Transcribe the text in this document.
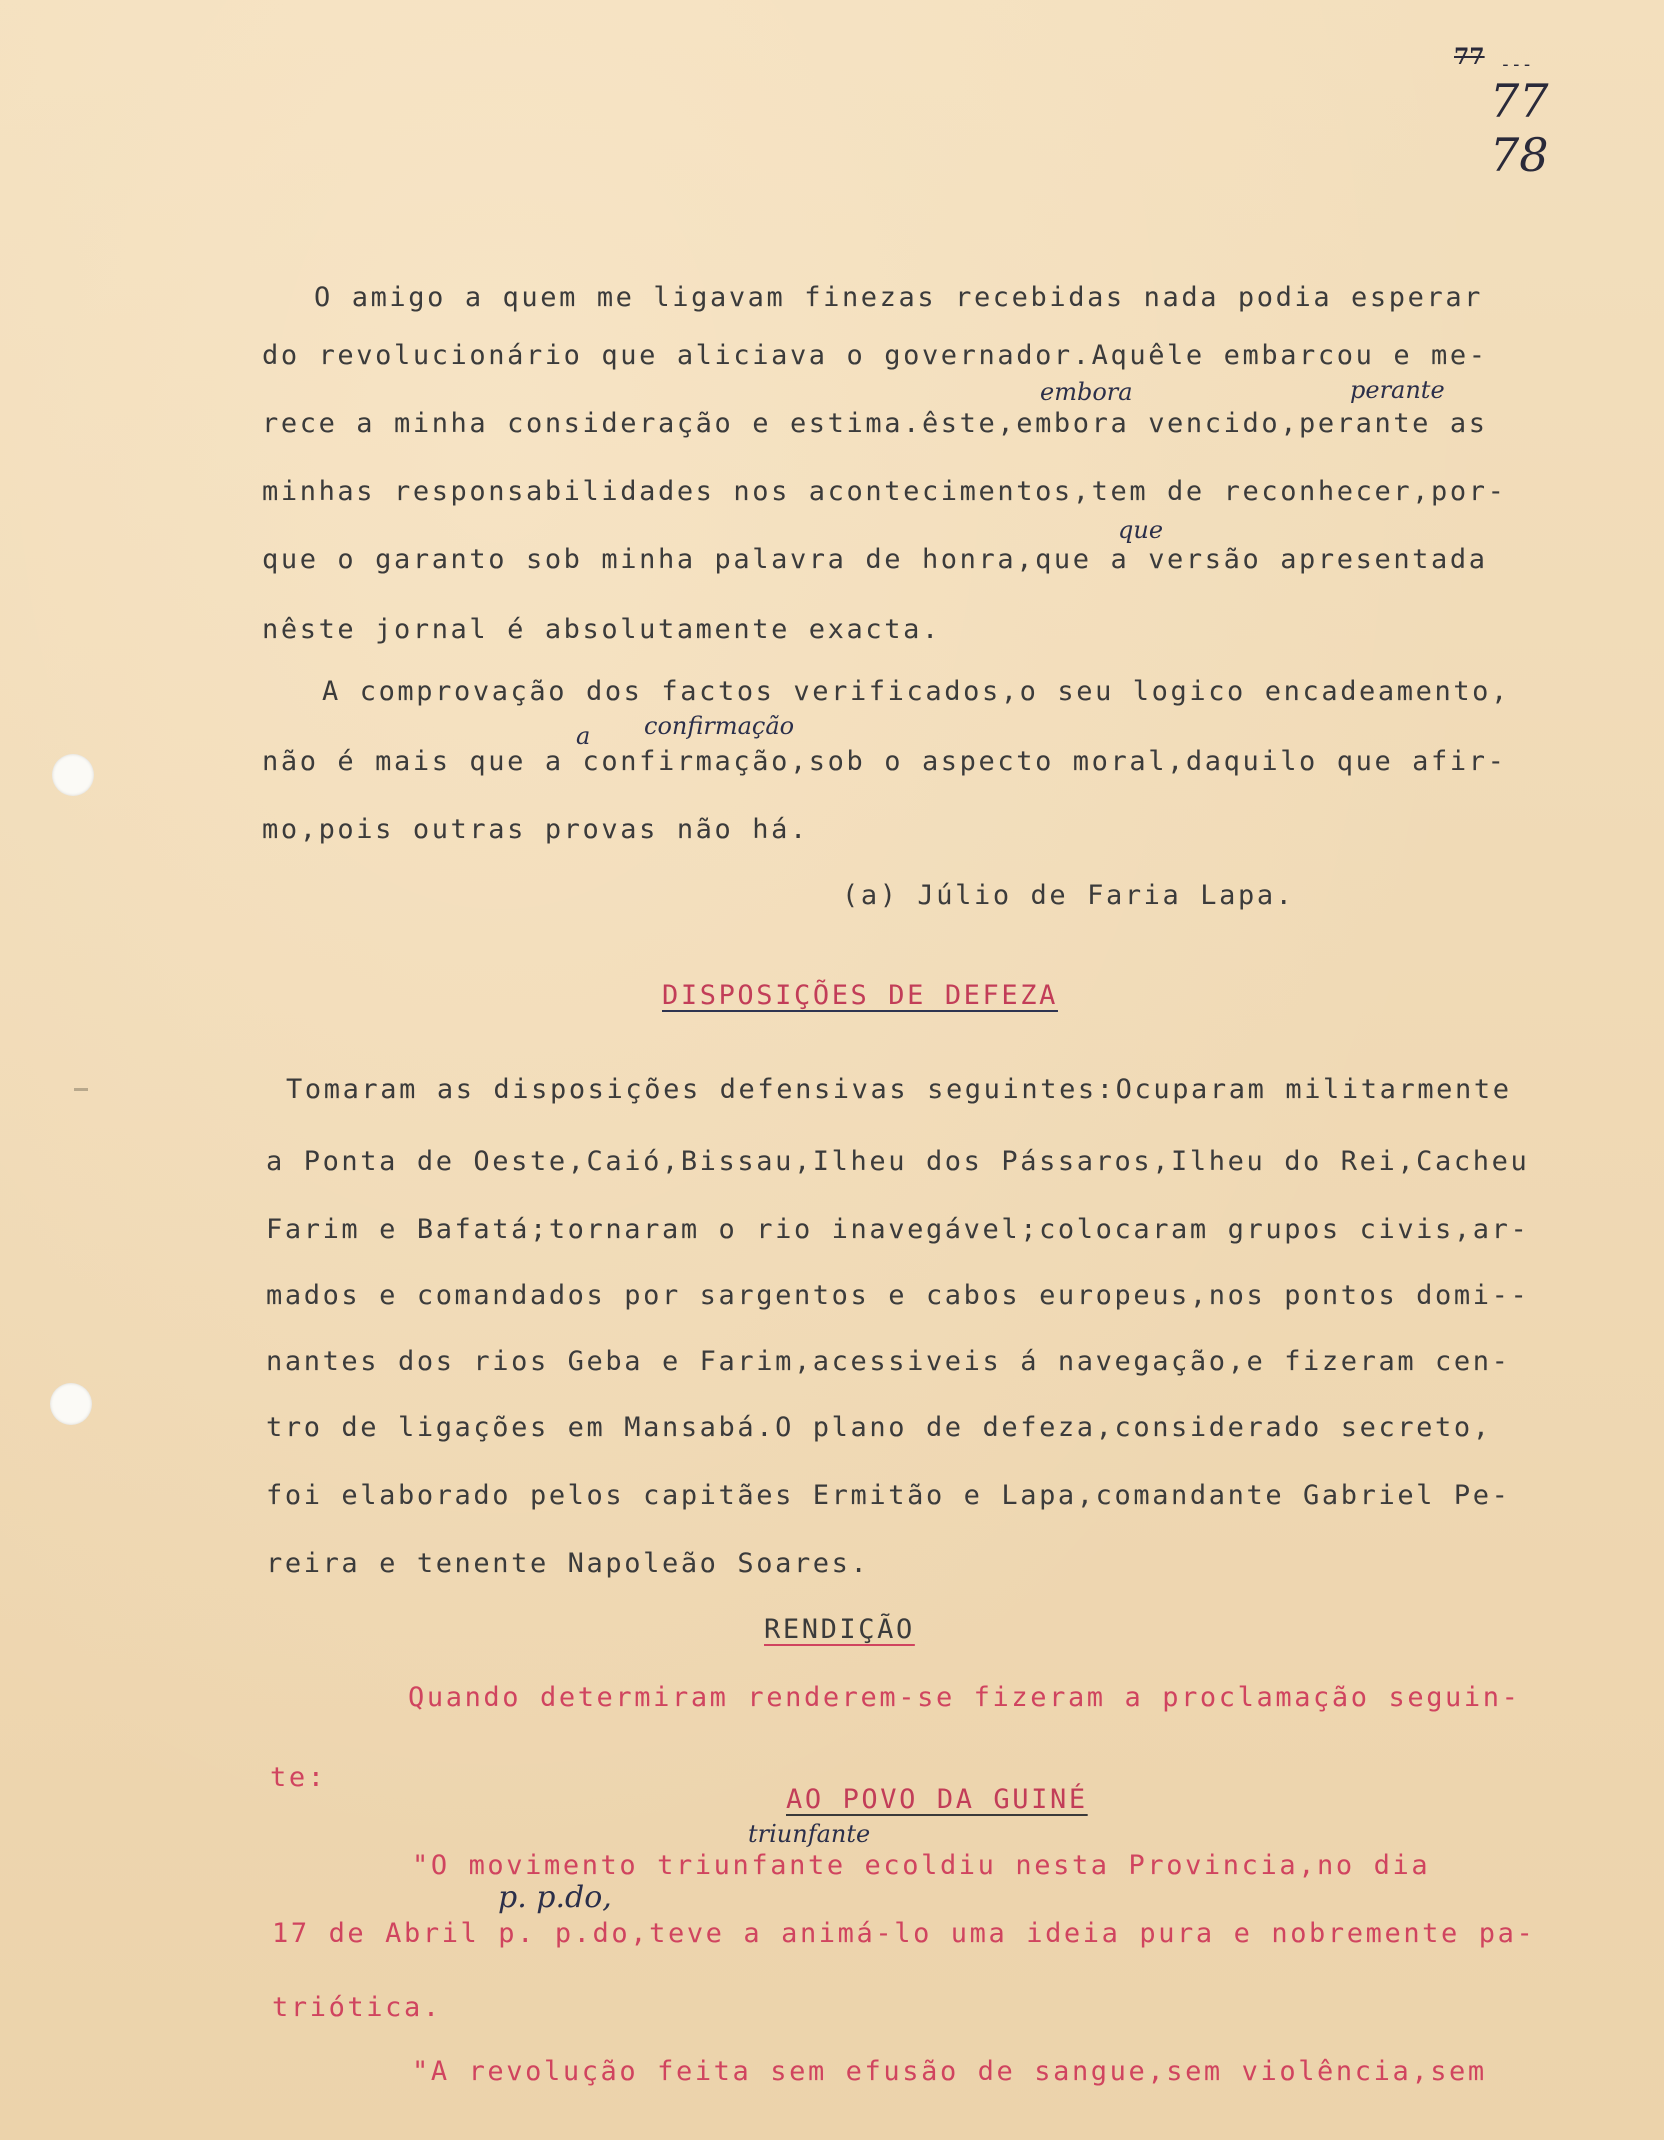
77 ---
77 78
O amigo a quem me ligavam finezas recebidas nada podia esperar
do revolucionário que aliciava o governador.Aquêle embarcou e me-
rece a minha consideração e estima.êste,embora vencido,perante as
minhas responsabilidades nos acontecimentos,tem de reconhecer,por-
que o garanto sob minha palavra de honra,que a versão apresentada
nêste jornal é absolutamente exacta.
embora	perante
que
A comprovação dos factos verificados,o seu logico encadeamento,
não é mais que a confirmação,sob o aspecto moral,daquilo que afir-
mo,pois outras provas não há.
a confirmação
(a) Júlio de Faria Lapa.
DISPOSIÇÕES DE DEFEZA
Tomaram as disposições defensivas seguintes:Ocuparam militarmente
a Ponta de Oeste,Caió,Bissau,Ilheu dos Pássaros,Ilheu do Rei,Cacheu
Farim e Bafatá;tornaram o rio inavegável;colocaram grupos civis,ar-
mados e comandados por sargentos e cabos europeus,nos pontos domi--
nantes dos rios Geba e Farim,acessiveis á navegação,e fizeram cen-
tro de ligações em Mansabá.O plano de defeza,considerado secreto,
foi elaborado pelos capitães Ermitão e Lapa,comandante Gabriel Pe-
reira e tenente Napoleão Soares.
RENDIÇÃO
Quando determiram renderem-se fizeram a proclamação seguin-
te:
AO POVO DA GUINÉ
triunfante
"O movimento triunfante ecoldiu nesta Provincia,no dia
p. p.do,
17 de Abril p. p.do,teve a animá-lo uma ideia pura e nobremente pa-
triótica.
"A revolução feita sem efusão de sangue,sem violência,sem
